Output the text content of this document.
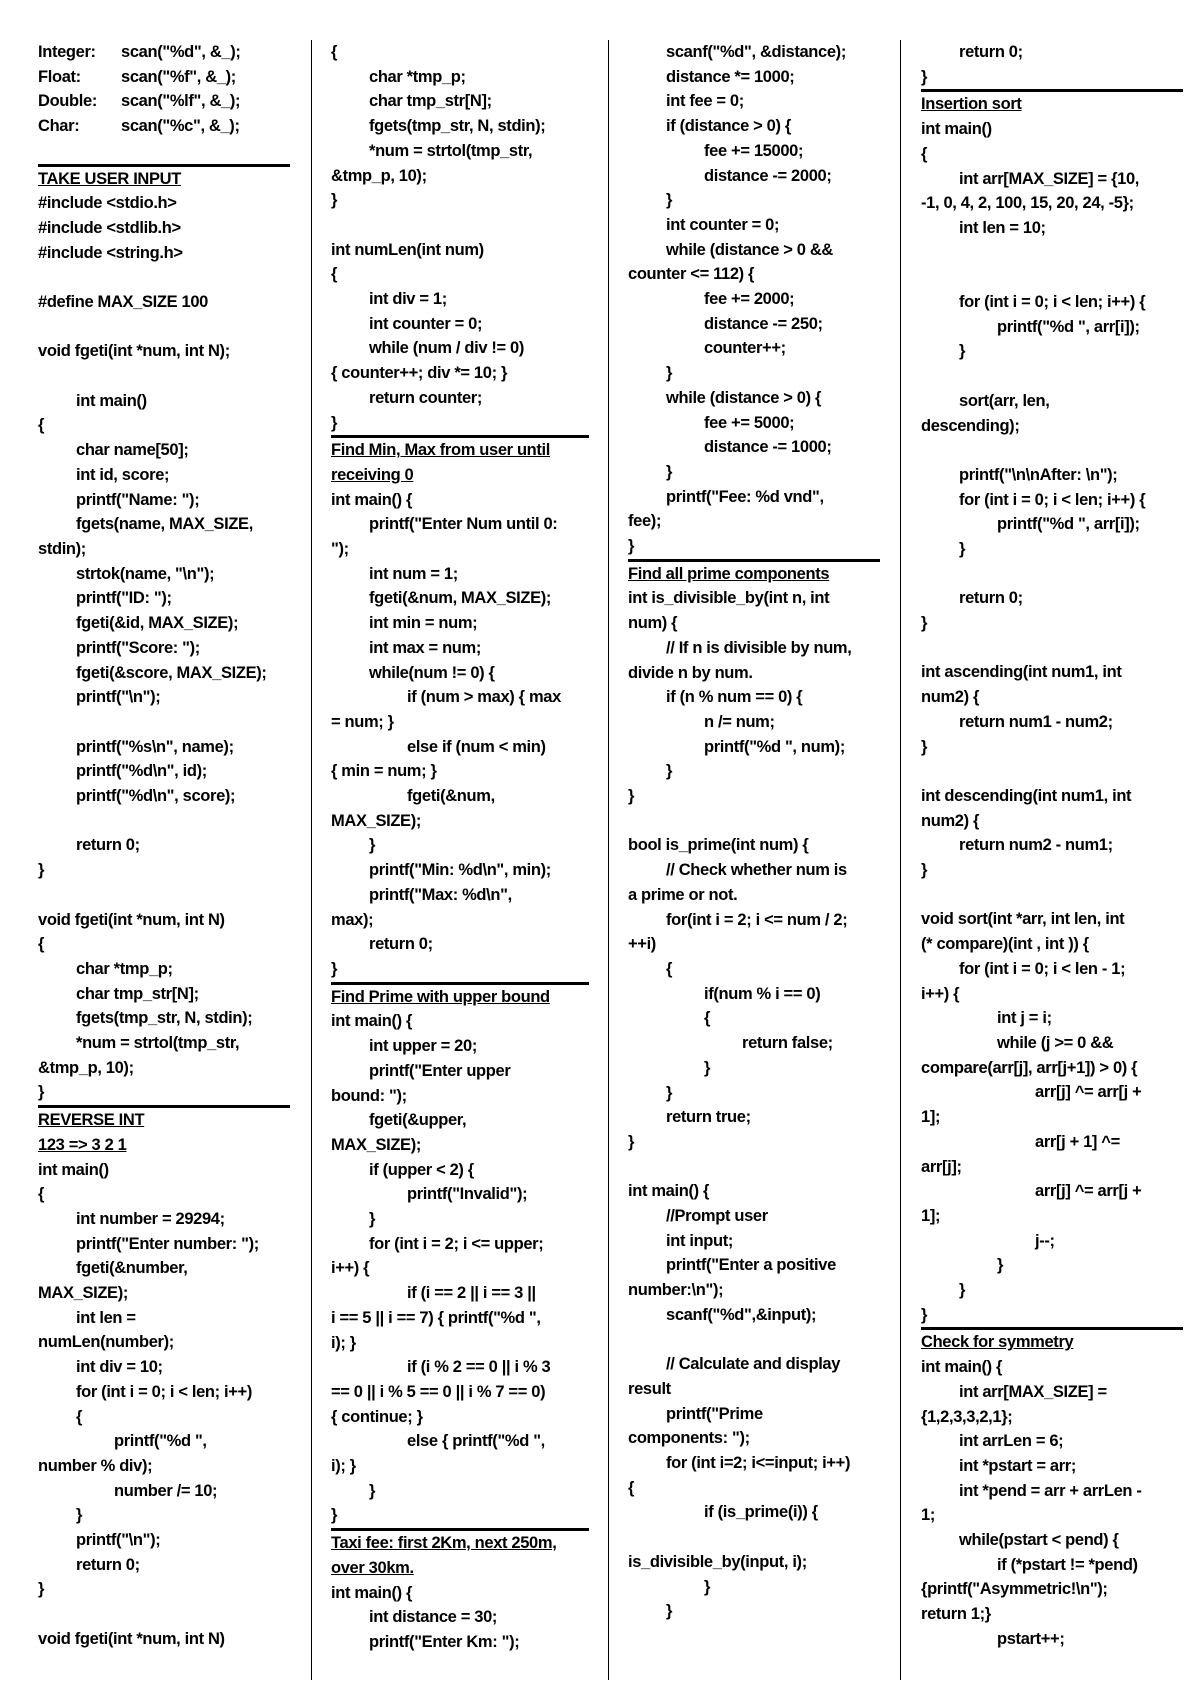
Integer: scan("%d", &_);
Float: scan("%f", &_);
Double: scan("%lf", &_);
Char:	scan("%c", &_);
TAKE USER INPUT
#include <stdio.h>
#include <stdlib.h>
#include <string.h>
#define MAX_SIZE 100
void fgeti(int *num, int N);
int main()
{
char name[50];
int id, score;
printf("Name: ");
fgets(name, MAX_SIZE,
stdin);
strtok(name, "\n");
printf("ID: ");
fgeti(&id, MAX_SIZE);
printf("Score: ");
fgeti(&score, MAX_SIZE);
printf("\n");
printf("%s\n", name);
printf("%d\n", id);
printf("%d\n", score);
return 0;
}
void fgeti(int *num, int N)
{
char *tmp_p;
char tmp_str[N];
fgets(tmp_str, N, stdin);
*num = strtol(tmp_str,
&tmp_p, 10);
}
REVERSE INT
123 => 3 2 1
int main()
{
int number = 29294;
printf("Enter number: ");
fgeti(&number,
MAX_SIZE);
int len =
numLen(number);
int div = 10;
for (int i = 0; i < len; i++)
{
printf("%d ",
number % div);
number /= 10;
}
printf("\n");
return 0;
}
void fgeti(int *num, int N)
{
char *tmp_p;
char tmp_str[N];
fgets(tmp_str, N, stdin);
*num = strtol(tmp_str,
&tmp_p, 10);
}
int numLen(int num)
{
int div = 1;
int counter = 0;
while (num / div != 0)
{ counter++; div *= 10; }
return counter;
}
Find Min, Max from user until
receiving 0
int main() {
printf("Enter Num until 0:
");
int num = 1;
fgeti(&num, MAX_SIZE);
int min = num;
int max = num;
while(num != 0) {
if (num > max) { max
= num; }
else if (num < min)
{ min = num; }
fgeti(&num,
MAX_SIZE);
}
printf("Min: %d\n", min);
printf("Max: %d\n",
max);
return 0;
}
Find Prime with upper bound
int main() {
int upper = 20;
printf("Enter upper
bound: ");
fgeti(&upper,
MAX_SIZE);
if (upper < 2) {
printf("Invalid");
}
for (int i = 2; i <= upper;
i++) {
if (i == 2 || i == 3 ||
i == 5 || i == 7) { printf("%d ",
i); }
if (i % 2 == 0 || i % 3
== 0 || i % 5 == 0 || i % 7 == 0)
{ continue; }
else { printf("%d ",
i); }
}
}
Taxi fee: first 2Km, next 250m,
over 30km.
int main() {
int distance = 30;
printf("Enter Km: ");
scanf("%d", &distance);
distance *= 1000;
int fee = 0;
if (distance > 0) {
fee += 15000;
distance -= 2000;
}
int counter = 0;
while (distance > 0 &&
counter <= 112) {
fee += 2000;
distance -= 250;
counter++;
}
while (distance > 0) {
fee += 5000;
distance -= 1000;
}
printf("Fee: %d vnd",
fee);
}
Find all prime components
int is_divisible_by(int n, int
num) {
// If n is divisible by num,
divide n by num.
if (n % num == 0) {
n /= num;
printf("%d ", num);
}
}
bool is_prime(int num) {
// Check whether num is
a prime or not.
for(int i = 2; i <= num / 2;
++i)
{
if(num % i == 0)
{
return false;
}
}
return true;
}
int main() {
//Prompt user
int input;
printf("Enter a positive
number:\n");
scanf("%d",&input);
// Calculate and display
result
printf("Prime
components: ");
for (int i=2; i<=input; i++)
{
if (is_prime(i)) {
is_divisible_by(input, i);
}
}
return 0;
}
Insertion sort
int main()
{
int arr[MAX_SIZE] = {10,
-1, 0, 4, 2, 100, 15, 20, 24, -5};
int len = 10;
for (int i = 0; i < len; i++) {
printf("%d ", arr[i]);
}
sort(arr, len,
descending);
printf("\n\nAfter: \n");
for (int i = 0; i < len; i++) {
printf("%d ", arr[i]);
}
return 0;
}
int ascending(int num1, int
num2) {
return num1 - num2;
}
int descending(int num1, int
num2) {
return num2 - num1;
}
void sort(int *arr, int len, int
(* compare)(int , int )) {
for (int i = 0; i < len - 1;
i++) {
int j = i;
while (j >= 0 &&
compare(arr[j], arr[j+1]) > 0) {
arr[j] ^= arr[j +
1];
arr[j + 1] ^=
arr[j];
arr[j] ^= arr[j +
1];
j--;
}
}
}
Check for symmetry
int main() {
int arr[MAX_SIZE] =
{1,2,3,3,2,1};
int arrLen = 6;
int *pstart = arr;
int *pend = arr + arrLen -
1;
while(pstart < pend) {
if (*pstart != *pend)
{printf("Asymmetric!\n");
return 1;}
pstart++;
